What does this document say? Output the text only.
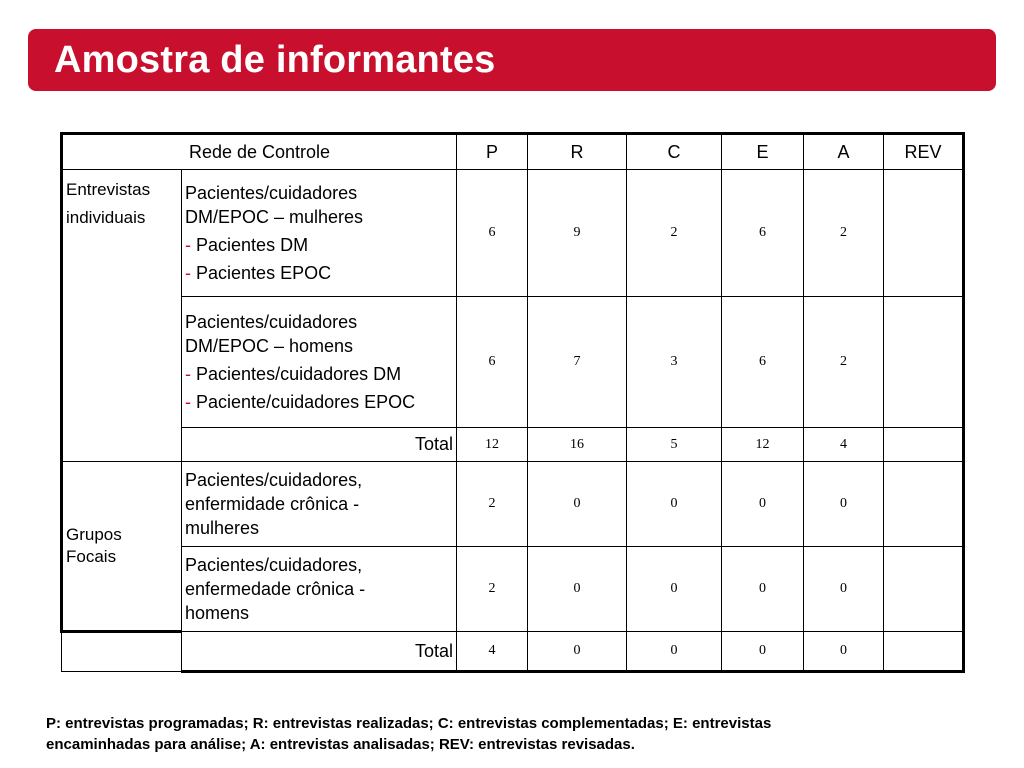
Amostra de informantes
Rede de Controle		P	R	C	E	A	REV

Entrevistas
individuais	Pacientes/cuidadores
DM/EPOC – mulheres
- Pacientes DM
- Pacientes EPOC	6	9	2	6	2	

	Pacientes/cuidadores
DM/EPOC – homens
- Pacientes/cuidadores DM
- Paciente/cuidadores EPOC	6	7	3	6	2	
	Total	12	16	5	12	4	

Grupos
Focais	Pacientes/cuidadores,
enfermidade crônica -
mulheres	2	0	0	0	0	

	Pacientes/cuidadores,
enfermedade crônica -
homens	2	0	0	0	0	
	Total	4	0	0	0	0	
P: entrevistas programadas; R: entrevistas realizadas; C: entrevistas complementadas; E: entrevistas
encaminhadas para análise; A: entrevistas analisadas; REV: entrevistas revisadas.
